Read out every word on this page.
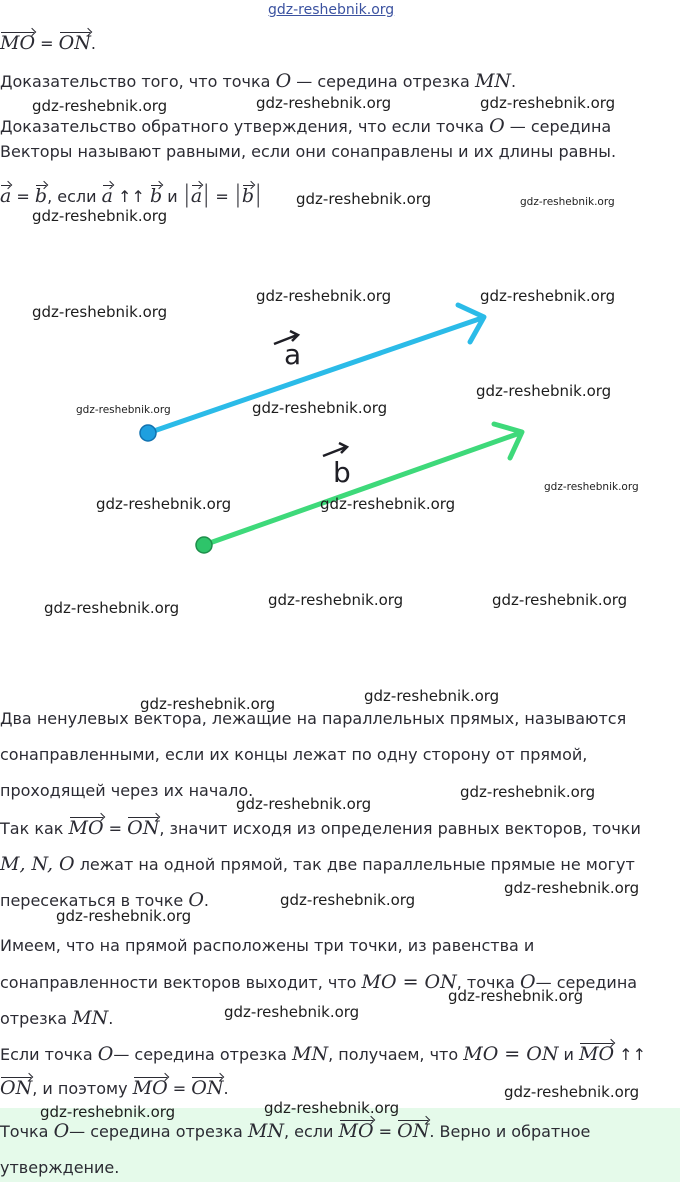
MO = ON.
Доказательство того, что точка O — середина отрезка MN.
Доказательство обратного утверждения, что если точка O — середина
Векторы называют равными, если они сонаправлены и их длины равны.
a = b, если a ↑↑ b и |a| = |b|
a
b
Два ненулевых вектора, лежащие на параллельных прямых, называются
сонаправленными, если их концы лежат по одну сторону от прямой,
проходящей через их начало.
Так как MO = ON, значит исходя из определения равных векторов, точки
M, N, O лежат на одной прямой, так две параллельные прямые не могут
пересекаться в точке O.
Имеем, что на прямой расположены три точки, из равенства и
сонаправленности векторов выходит, что MO = ON, точка O— середина
отрезка MN.
Если точка O— середина отрезка MN, получаем, что MO = ON и MO ↑↑
ON, и поэтому MO = ON.
Точка O— середина отрезка MN, если MO = ON. Верно и обратное
утверждение.
gdz-reshebnik.org
gdz-reshebnik.org	gdz-reshebnik.org	gdz-reshebnik.org
gdz-reshebnik.org	gdz-reshebnik.org
gdz-reshebnik.org
gdz-reshebnik.org	gdz-reshebnik.org
gdz-reshebnik.org
gdz-reshebnik.org
gdz-reshebnik.org	gdz-reshebnik.org
gdz-reshebnik.org
gdz-reshebnik.org	gdz-reshebnik.org
gdz-reshebnik.org	gdz-reshebnik.org
gdz-reshebnik.org
gdz-reshebnik.org
gdz-reshebnik.org
gdz-reshebnik.org
gdz-reshebnik.org
gdz-reshebnik.org
gdz-reshebnik.org
gdz-reshebnik.org
gdz-reshebnik.org
gdz-reshebnik.org
gdz-reshebnik.org
gdz-reshebnik.org
gdz-reshebnik.org
